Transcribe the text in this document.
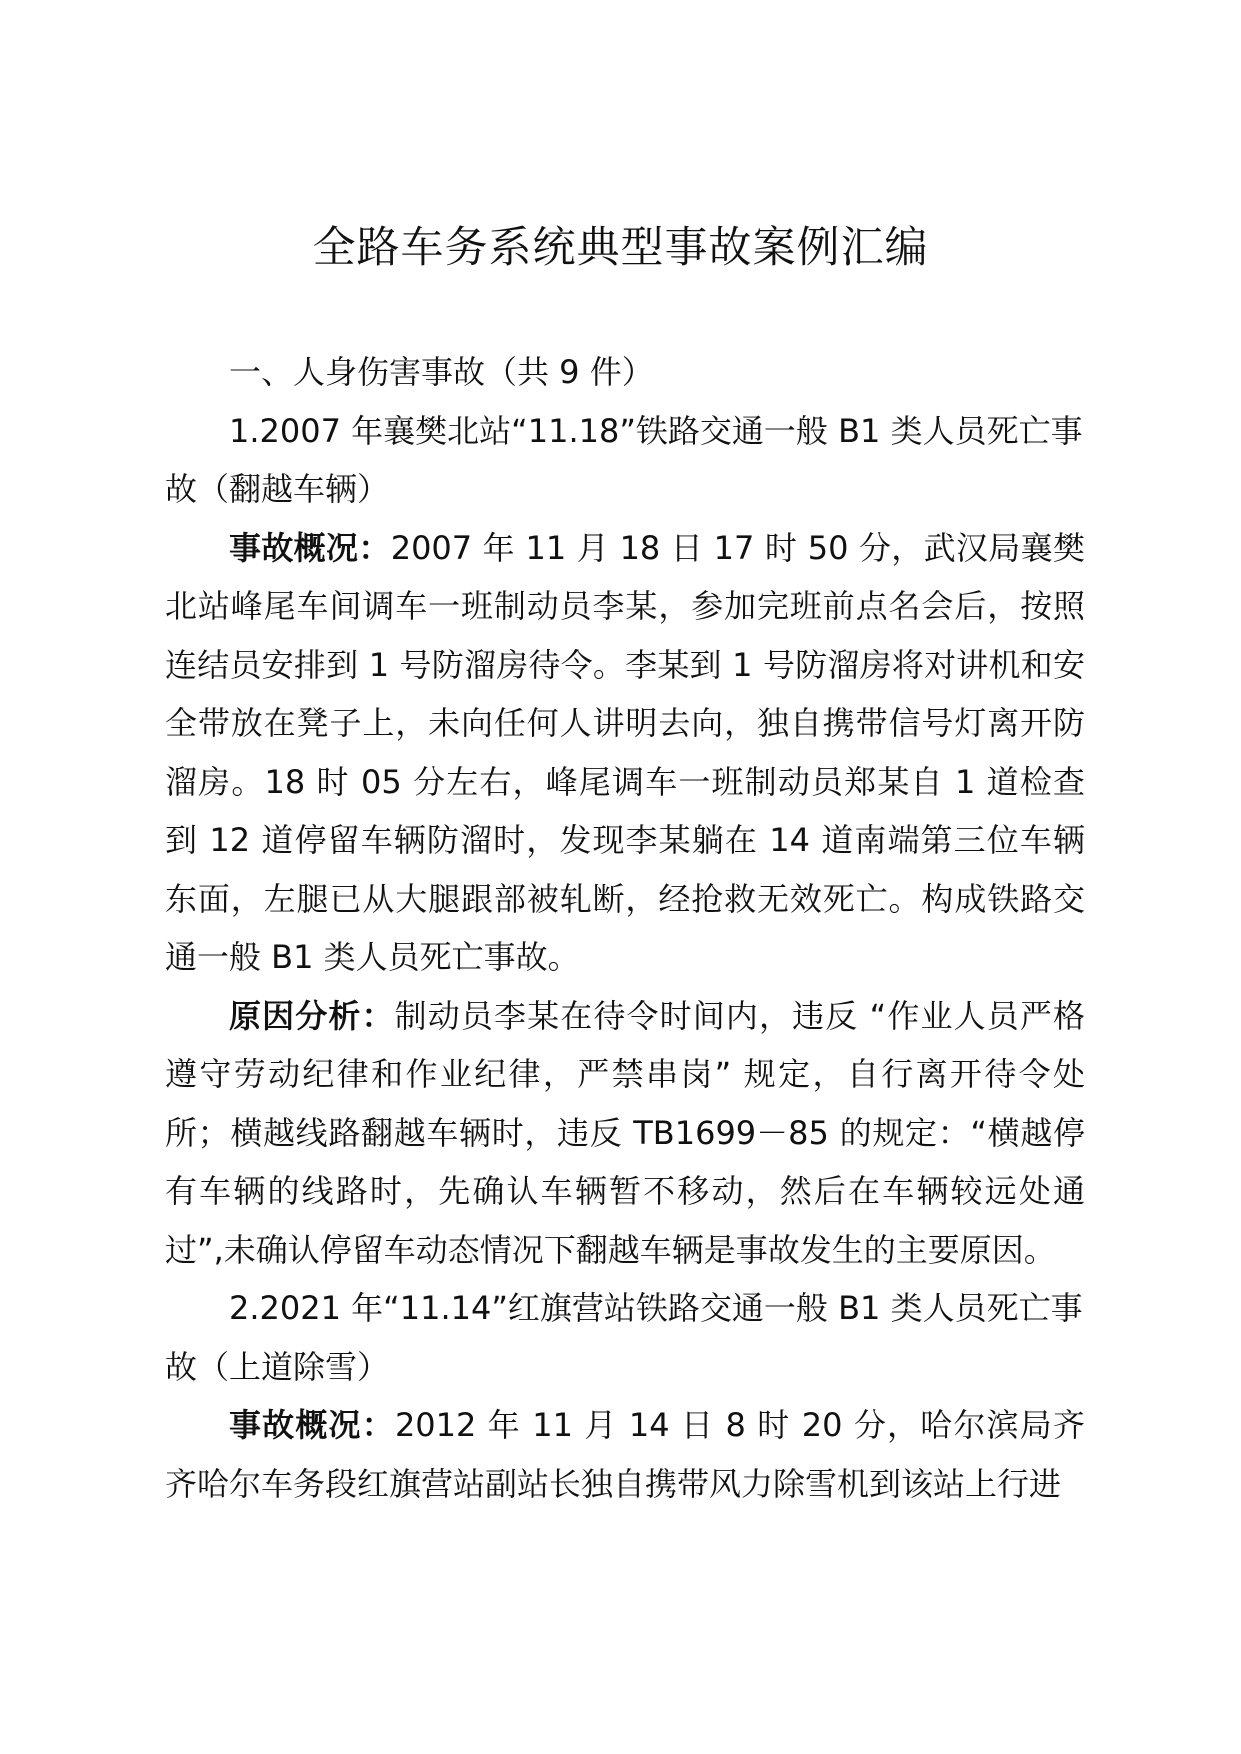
全路车务系统典型事故案例汇编

一、人身伤害事故（共 9 件）

1.2007 年襄樊北站“11.18”铁路交通一般 B1 类人员死亡事故（翻越车辆）

事故概况：2007 年 11 月 18 日 17 时 50 分，武汉局襄樊北站峰尾车间调车一班制动员李某，参加完班前点名会后，按照连结员安排到 1 号防溜房待令。李某到 1 号防溜房将对讲机和安全带放在凳子上，未向任何人讲明去向，独自携带信号灯离开防溜房。18 时 05 分左右，峰尾调车一班制动员郑某自 1 道检查到 12 道停留车辆防溜时，发现李某躺在 14 道南端第三位车辆东面，左腿已从大腿跟部被轧断，经抢救无效死亡。构成铁路交通一般 B1 类人员死亡事故。

原因分析：制动员李某在待令时间内，违反 “作业人员严格遵守劳动纪律和作业纪律，严禁串岗” 规定，自行离开待令处所；横越线路翻越车辆时，违反 TB1699－85 的规定：“横越停有车辆的线路时，先确认车辆暂不移动，然后在车辆较远处通过”,未确认停留车动态情况下翻越车辆是事故发生的主要原因。

2.2021 年“11.14”红旗营站铁路交通一般 B1 类人员死亡事故（上道除雪）

事故概况：2012 年 11 月 14 日 8 时 20 分，哈尔滨局齐齐哈尔车务段红旗营站副站长独自携带风力除雪机到该站上行进
